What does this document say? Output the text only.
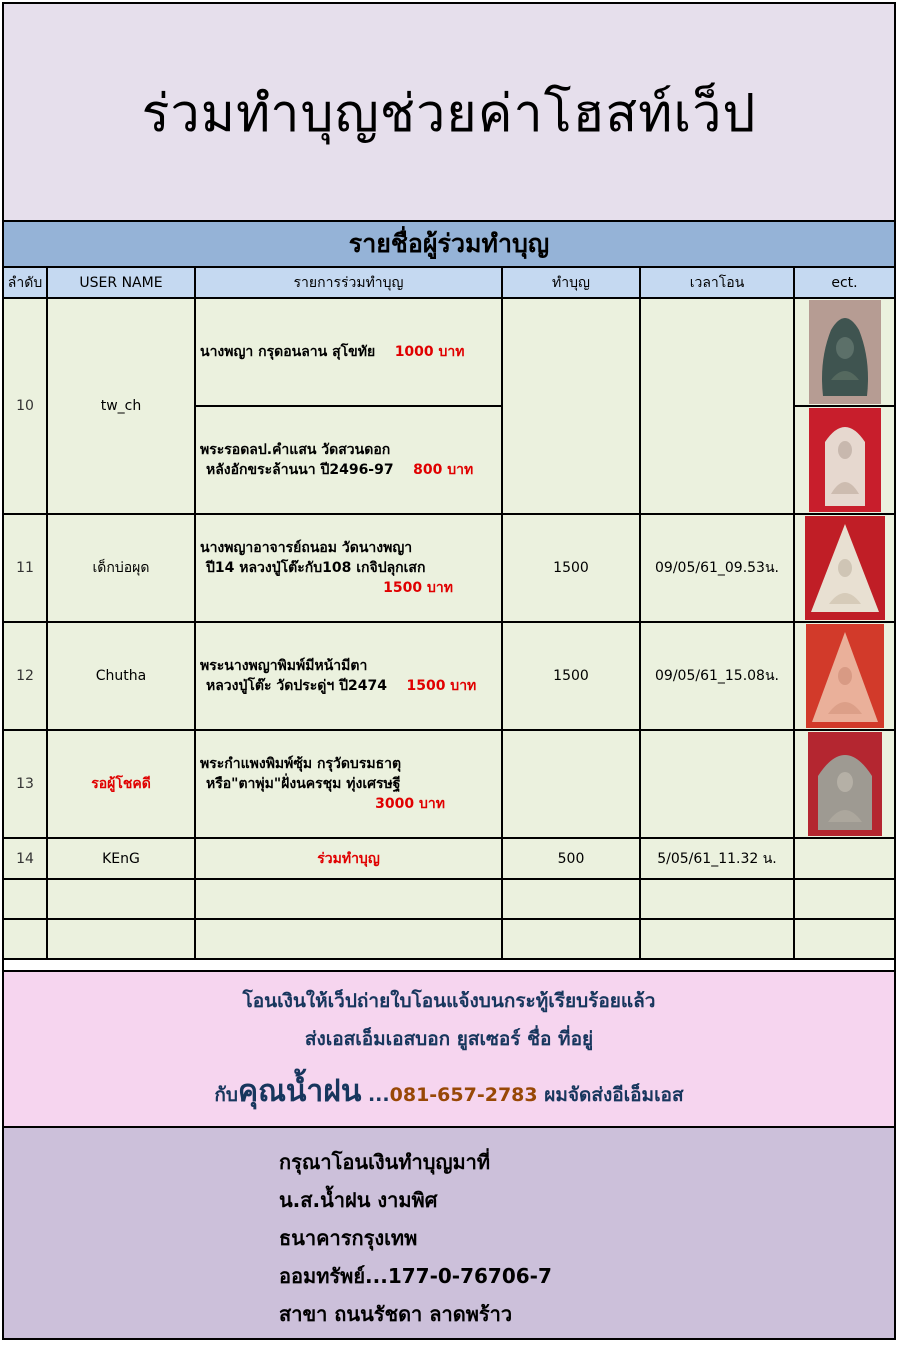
ร่วมทำบุญช่วยค่าโฮสท์เว็ป
รายชื่อผู้ร่วมทำบุญ
ลำดับ	USER NAME	รายการร่วมทำบุญ	ทำบุญ	เวลาโอน	ect.
10	tw_ch	นางพญา กรุดอนลาน สุโขทัย 1000 บาท			

		พระรอดลป.คำแสน วัดสวนดอก
หลังอักขระล้านนา ปี2496-97 800 บาท

11	เด็กบ่อผุด	นางพญาอาจารย์ถนอม วัดนางพญา
ปี14 หลวงปู่โต๊ะกับ108 เกจิปลุกเสก
1500 บาท	1500	09/05/61_09.53น.	

12	Chutha	พระนางพญาพิมพ์มีหน้ามีตา
หลวงปู่โต๊ะ วัดประดู่ฯ ปี2474 1500 บาท	1500	09/05/61_15.08น.	

13	รอผู้โชคดี	พระกำแพงพิมพ์ซุ้ม กรุวัดบรมธาตุ
หรือ"ตาพุ่ม"ฝั่งนครชุม ทุ่งเศรษฐี
3000 บาท

14	KEnG	ร่วมทำบุญ	500	5/05/61_11.32 น.	

โอนเงินให้เว็ปถ่ายใบโอนแจ้งบนกระทู้เรียบร้อยแล้ว
ส่งเอสเอ็มเอสบอก ยูสเซอร์ ชื่อ ที่อยู่
กับคุณน้ำฝน ...081-657-2783 ผมจัดส่งอีเอ็มเอส
กรุณาโอนเงินทำบุญมาที่
น.ส.น้ำฝน งามพิศ
ธนาคารกรุงเทพ
ออมทรัพย์...177-0-76706-7
สาขา ถนนรัชดา ลาดพร้าว
